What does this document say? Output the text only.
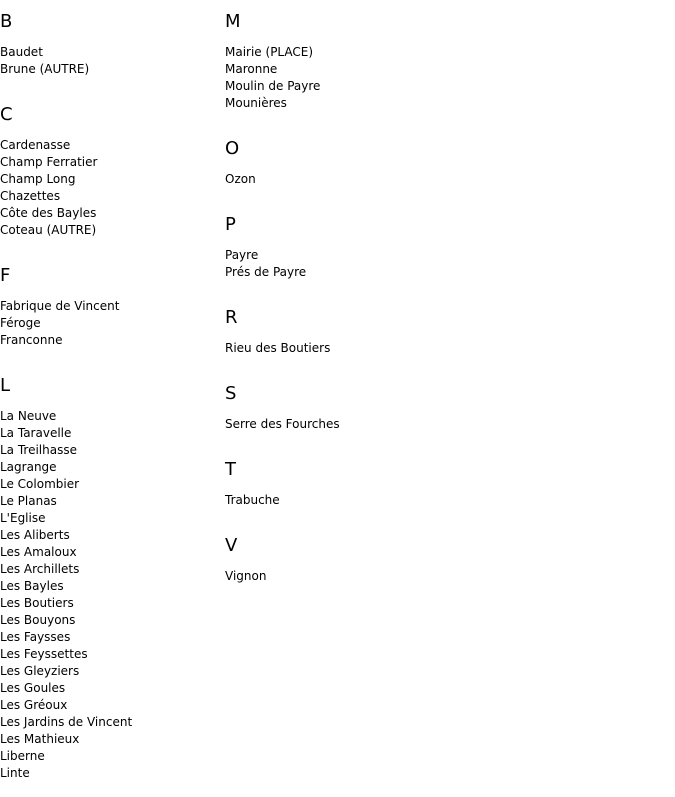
B
Baudet
Brune (AUTRE)
C
Cardenasse
Champ Ferratier
Champ Long
Chazettes
Côte des Bayles
Coteau (AUTRE)
F
Fabrique de Vincent
Féroge
Franconne
L
La Neuve
La Taravelle
La Treilhasse
Lagrange
Le Colombier
Le Planas
L'Eglise
Les Aliberts
Les Amaloux
Les Archillets
Les Bayles
Les Boutiers
Les Bouyons
Les Faysses
Les Feyssettes
Les Gleyziers
Les Goules
Les Gréoux
Les Jardins de Vincent
Les Mathieux
Liberne
Linte
M
Mairie (PLACE)
Maronne
Moulin de Payre
Mounières
O
Ozon
P
Payre
Prés de Payre
R
Rieu des Boutiers
S
Serre des Fourches
T
Trabuche
V
Vignon
